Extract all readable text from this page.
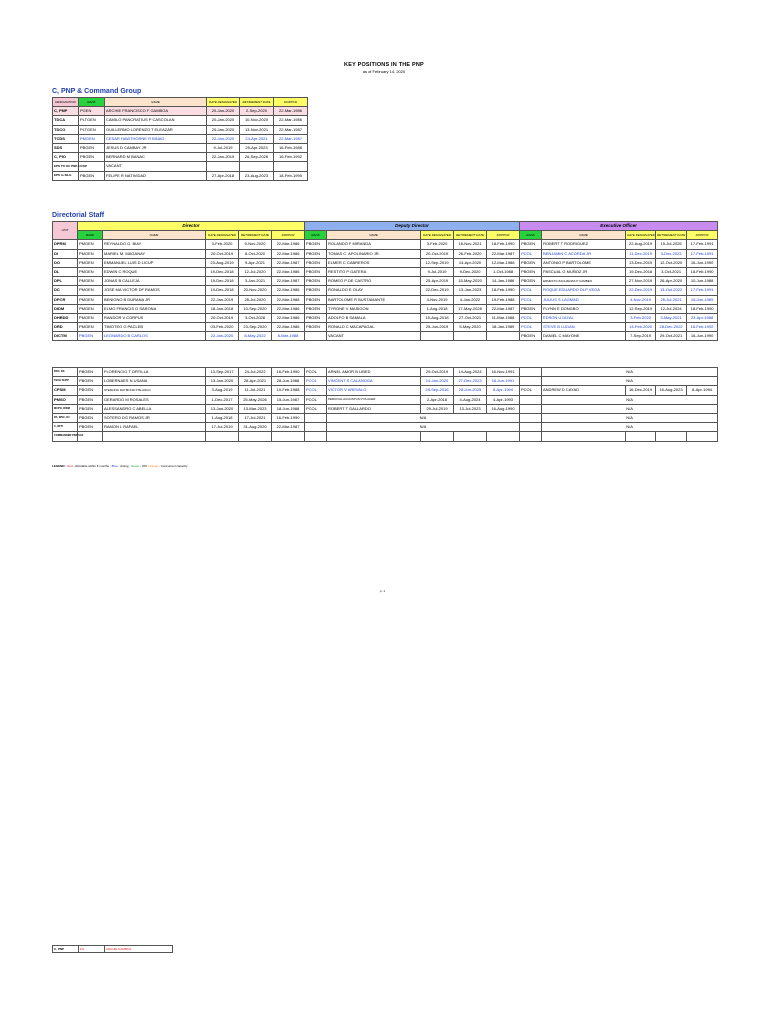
KEY POSITIONS IN THE PNP
as of February 14, 2020
C, PNP & Command Group
DESIGNATION	RANK	NAME	DATE DESIGNATED	RETIREMENT DATE	DOPPCR
C, PNP	PGEN	ARCHIE FRANCISCO F GAMBOA	20-Jan-2020	2-Sep-2020	22-Mar-1986
TDCA	PLTGEN	CAMILO PANCRATIUS P CASCOLAN	20-Jan-2020	10-Nov-2020	22-Mar-1986
TDCO	PLTGEN	GUILLERMO LORENZO T ELEAZAR	20-Jan-2020	13-Nov-2021	22-Mar-1987
TCDS	PMGEN	CESAR HAWTHORNE R BINAG	22-Jan-2020	24-Apr-2021	22-Mar-1987
SDS	PBGEN	JESUS D CAMBAY JR	9-Jul-2019	25-Apr-2023	16-Feb-1988
C, PIO	PBGEN	BERNARD M BANAC	22-Jan-2019	26-Sep-2026	16-Feb-1992
EPS TO OC PNP-UCOP		VACANT			
EPS to SILG	PBGEN	FELIPE R NATIVIDAD	27-Apr-2018	23-Aug-2023	18-Feb-1990
Directorial Staff
UNIT	Director					Deputy Director					Executive Officer				
	RANK	NAME	DATE DESIGNATED	RETIREMENT DATE	DOPPCR	RANK	NAME	DATE DESIGNATED	RETIREMENT DATE	DOPPCR	RANK	NAME	DATE DESIGNATED	RETIREMENT DATE	DOPPCR
DPRM	PMGEN	REYNALDO G. BIAY	3-Feb-2020	9-Nov-2020	22-Mar-1986	PBGEN	ROLANDO F MIRANDA	3-Feb-2020	16-Nov-2021	18-Feb-1990	PBGEN	ROBERT T RODRIGUEZ	22-Aug-2019	15-Jul-2025	17-Feb-1991
DI	PMGEN	MARIEL M. MAGANAY	20-Oct-2019	8-Oct-2020	22-Mar-1986	PBGEN	TOMAS C. APOLINARIO JR.	20-Oct-2019	26-Feb-2020	22-Mar-1987	PCOL	BENJAMIN C ACORDA JR	11-Dec-2019	3-Dec-2023	17-Feb-1991
DO	PMGEN	EMMANUEL LUIS D LICUP	23-Aug-2019	9-Apr-2021	22-Mar-1987	PBGEN	ELMER C CABREROS	12-Sep-2019	14-Apr-2020	12-Mar-1988	PBGEN	ANTONIO P BARTOLOME	13-Dec-2019	12-Oct-2020	16-Jun-1990
DL	PMGEN	EDWIN C ROQUE	19-Dec-2018	12-Jul-2020	22-Mar-1986	PBGEN	RESTITO P GATERA	9-Jul-2019	9-Dec-2020	1-Oct-1988	PBGEN	PASCUAL G MUÑOZ JR	19-Dec-2018	3-Oct-2021	18-Feb-1990
DPL	PMGEN	JONAS B CALLEJA	19-Dec-2018	3-Jan-2021	22-Mar-1987	PBGEN	ROMEO P DE CASTRO	25-Apr-2019	15-May-2020	14-Jan-1986	PBGEN	ERNESTO ZACHARIAS P CAMBEO	27-Nov-2019	26-Apr-2020	10-Jun-1988
DC	PMGEN	JOSE MA VICTOR DF RAMOS	19-Dec-2018	20-Nov-2020	22-Mar-1986	PBGEN	RONALDO E OLAY	22-Dec-2019	13-Jan-2023	18-Feb-1990	PCOL	ROQUE EDUARDO DLP VEGA	22-Dec-2019	13-Oct-2022	17-Feb-1991
DPCR	PMGEN	BENIGNO B DURANA JR	22-Jan-2019	28-Jul-2020	22-Mar-1988	PBGEN	BARTOLOME R BUSTAMANTE	4-Nov-2019	4-Jan-2022	19-Feb-1988	PCOL	JULIUS S LAGMAD	4-Nov-2019	26-Jul-2021	15-Jun-1989
DIDM	PMGEN	ELMO FRANCIS O SARONA	18-Jan-2018	10-Sep-2020	22-Mar-1986	PBGEN	TYRONE V MASIGON	1-Aug-2018	17-May-2028	22-Mar-1987	PBGEN	FLYNN E DONGBO	12-Sep-2019	12-Jul-2024	18-Feb-1990
DHRDD	PMGEN	RANDOR V CORPUS	20-Oct-2019	3-Oct-2028	22-Mar-1986	PBGEN	ADOLFO B SAMALA	15-Aug-2018	27-Oct-2021	11-Mar-1988	PCOL	EDSON U DIZAL	3-Feb-2020	3-May-2021	23-Apr-1988
DRD	PMGEN	TIMOTEO G PACLEB	03-Feb-2020	23-Sep-2020	22-Mar-1986	PBGEN	RONALD C MACAPAGAL	25-Jun-2019	5-May-2020	18-Jan-1989	PCOL	STEVE B LUDAN	14-Feb-2020	28-Dec-2022	16-Feb-1992
DICTM	PBGEN	LEONARDO B CARLOS	22-Jan-2020	8-May-2022	8-Mar-1988		VACANT				PBGEN	DANIEL C MAYONE	7-Sep-2019	29-Oct-2021	16-Jun-1990
DSC, DS	PBGEN	FLORENCIO T ORTILLA	13-Sep-2017	24-Jul-2022	16-Feb-1990	PCOL	ARNEL AMOR B LIBED	29-Oct-2019	14-Aug-2024	16-Nov-1991		N/A			
TECH SUPP	PBGEN	LOBERNAES N USANA	13-Jan-2020	28-Apr-2021	28-Jun-1988	PCOL	VINCENT S CALANOGA	14-Jan-2020	27-Dec-2023	16-Jun-1991		N/A			
CPSM	PBGEN	STERLING RAYMUND P BLANCO	3-Aug-2019	11-Jul-2021	19-Feb-1988	PCOL	VICTOR V AREVALO	28-Sep-2016	28-Jun-2025	8-Apr-1994	PCOL	ANDREW D CAYAD	16-Dec-2019	16-Aug-2023	8-Apr-1994
PMSO	PBGEN	GERARDO M ROSALES	1-Dec-2017	25-May-2026	15-Jun-1987	PCOL	PERCIVAL AUGUSTUS P PLACER	2-Apr-2018	4-Aug-2024	4-Apr-1993		N/A			
MCPO, DIDM	PBGEN	ALESSANDRO C ABELLA	13-Jan-2020	13-Mar-2023	18-Jun-1988	PCOL	ROBERT T GALLARDO	29-Jul-2019	13-Jul-2023	16-Aug-1990		N/A			
PA, WSC, D1	PBGEN	SOTERO DG RAMOS JR	1-Aug-2018	17-Jul-2021	16-Feb-1990		N/A					N/A			
C, NFTI	PBGEN	RAMON L RAFAEL	17-Jul-2019	31-Aug-2020	22-Mar-1987		N/A					N/A			
COMMANDER PNP SAF															
LEGEND : Red - Retirable within 6 months ; Blue - Acting ; Green - OIC Orange - Concurrent capacity
p. 1
C, PNP	PG	ARCHIE GAMBOA
